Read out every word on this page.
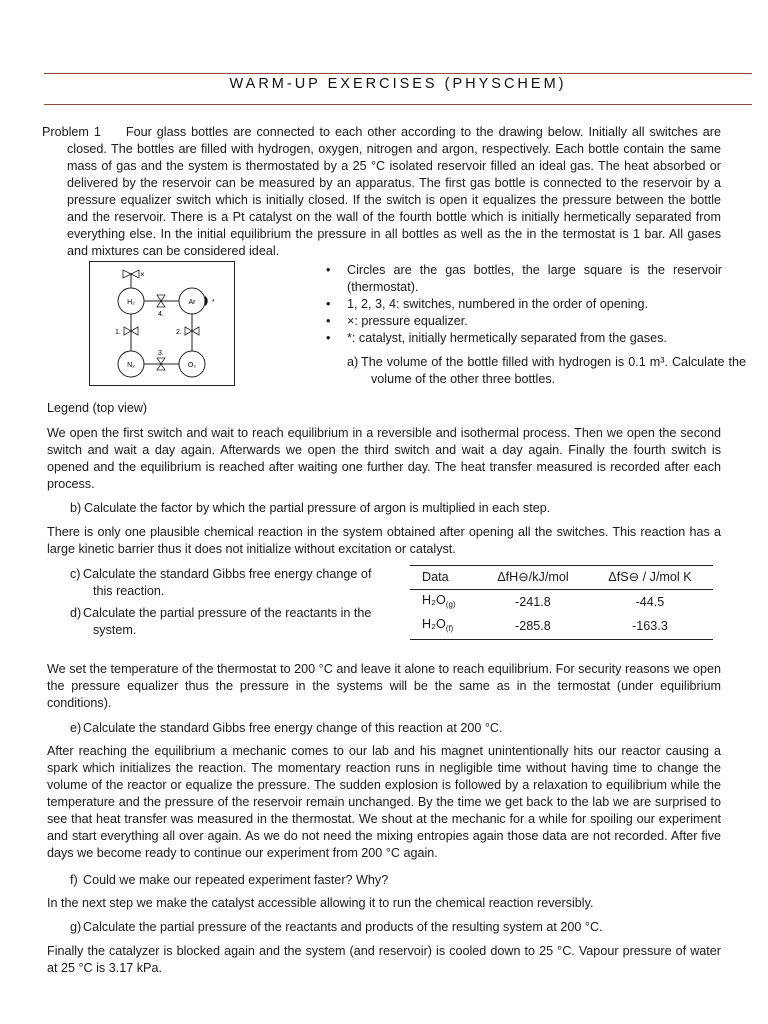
WARM-UP EXERCISES (PHYSCHEM)
Problem 1 Four glass bottles are connected to each other according to the drawing below. Initially all switches are closed. The bottles are filled with hydrogen, oxygen, nitrogen and argon, respectively. Each bottle contain the same mass of gas and the system is thermostated by a 25 °C isolated reservoir filled an ideal gas. The heat absorbed or delivered by the reservoir can be measured by an apparatus. The first gas bottle is connected to the reservoir by a pressure equalizer switch which is initially closed. If the switch is open it equalizes the pressure between the bottle and the reservoir. There is a Pt catalyst on the wall of the fourth bottle which is initially hermetically separated from everything else. In the initial equilibrium the pressure in all bottles as well as the in the termostat is 1 bar. All gases and mixtures can be considered ideal.
H₂	Ar
N₂	O₂
1.	2.
3.
4.
×
*
• Circles are the gas bottles, the large square is the reservoir (thermostat).
• 1, 2, 3, 4: switches, numbered in the order of opening.
• ×: pressure equalizer.
• *: catalyst, initially hermetically separated from the gases.
a) The volume of the bottle filled with hydrogen is 0.1 m³. Calculate the volume of the other three bottles.
Legend (top view)
We open the first switch and wait to reach equilibrium in a reversible and isothermal process. Then we open the second switch and wait a day again. Afterwards we open the third switch and wait a day again. Finally the fourth switch is opened and the equilibrium is reached after waiting one further day. The heat transfer measured is recorded after each process.
b) Calculate the factor by which the partial pressure of argon is multiplied in each step.
There is only one plausible chemical reaction in the system obtained after opening all the switches. This reaction has a large kinetic barrier thus it does not initialize without excitation or catalyst.
c) Calculate the standard Gibbs free energy change of this reaction.
d) Calculate the partial pressure of the reactants in the system.
Data	ΔfH⊖/kJ/mol	ΔfS⊖ / J/mol K
$H_2O_{(g)}$	-241.8	-44.5
$H_2O_{(f)}$	-285.8	-163.3
We set the temperature of the thermostat to 200 °C and leave it alone to reach equilibrium. For security reasons we open the pressure equalizer thus the pressure in the systems will be the same as in the termostat (under equilibrium conditions).
e) Calculate the standard Gibbs free energy change of this reaction at 200 °C.
After reaching the equilibrium a mechanic comes to our lab and his magnet unintentionally hits our reactor causing a spark which initializes the reaction. The momentary reaction runs in negligible time without having time to change the volume of the reactor or equalize the pressure. The sudden explosion is followed by a relaxation to equilibrium while the temperature and the pressure of the reservoir remain unchanged. By the time we get back to the lab we are surprised to see that heat transfer was measured in the thermostat. We shout at the mechanic for a while for spoiling our experiment and start everything all over again. As we do not need the mixing entropies again those data are not recorded. After five days we become ready to continue our experiment from 200 °C again.
f) Could we make our repeated experiment faster? Why?
In the next step we make the catalyst accessible allowing it to run the chemical reaction reversibly.
g) Calculate the partial pressure of the reactants and products of the resulting system at 200 °C.
Finally the catalyzer is blocked again and the system (and reservoir) is cooled down to 25 °C. Vapour pressure of water at 25 °C is 3.17 kPa.
